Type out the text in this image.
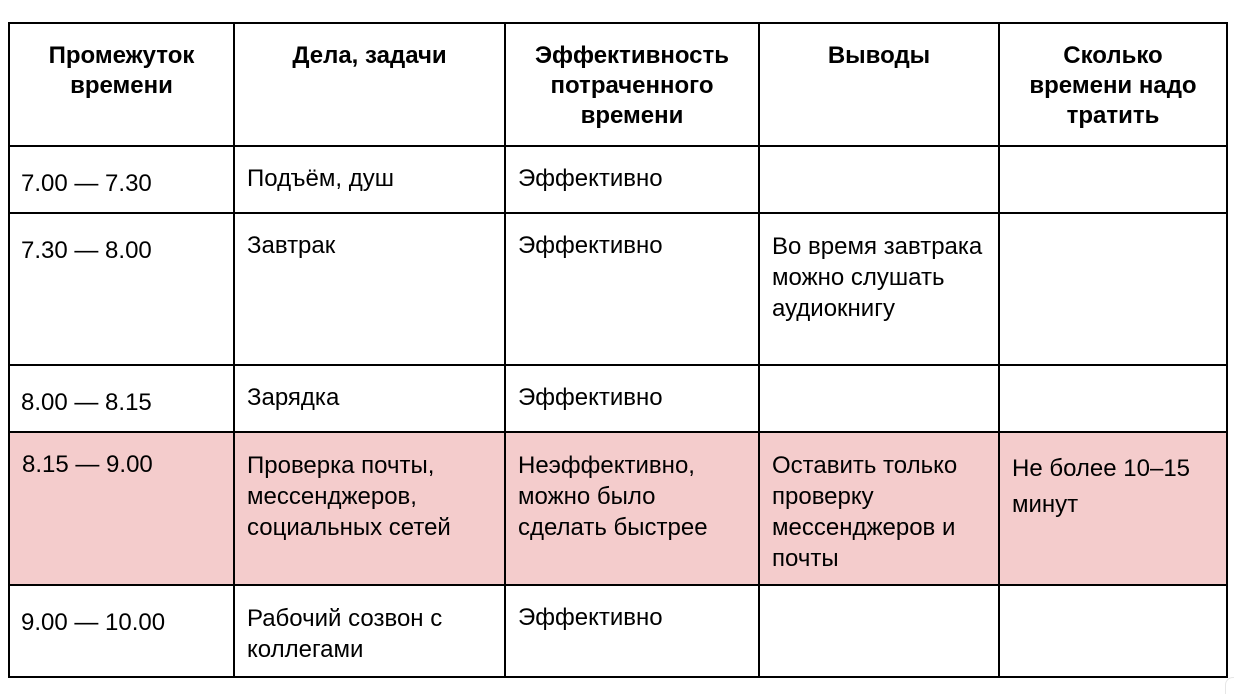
Промежуток времени	Дела, задачи	Эффективность потраченного времени	Выводы	Сколько времени надо тратить
7.00 — 7.30	Подъём, душ	Эффективно		
7.30 — 8.00	Завтрак	Эффективно	Во время завтрака можно слушать аудиокнигу	
8.00 — 8.15	Зарядка	Эффективно		
8.15 — 9.00	Проверка почты, мессенджеров, социальных сетей	Неэффективно, можно было сделать быстрее	Оставить только проверку мессенджеров и почты	Не более 10–15 минут
9.00 — 10.00	Рабочий созвон с коллегами	Эффективно		
